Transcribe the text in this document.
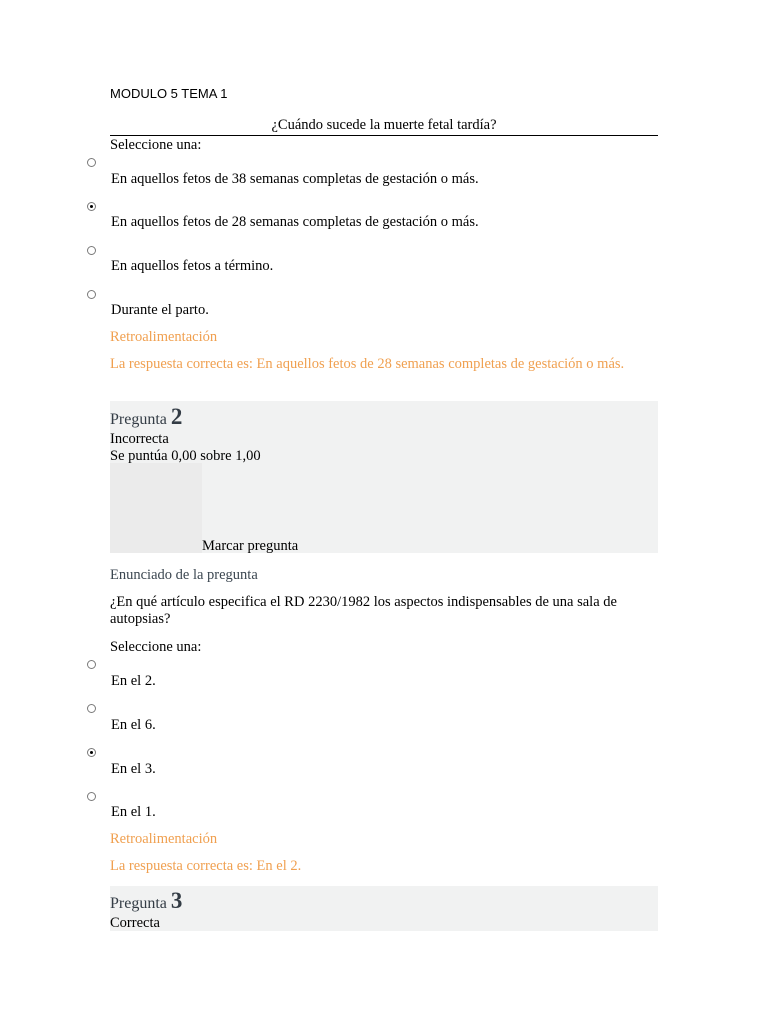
MODULO 5 TEMA 1
¿Cuándo sucede la muerte fetal tardía?
Seleccione una:
En aquellos fetos de 38 semanas completas de gestación o más.
En aquellos fetos de 28 semanas completas de gestación o más.
En aquellos fetos a término.
Durante el parto.
Retroalimentación
La respuesta correcta es: En aquellos fetos de 28 semanas completas de gestación o más.
Pregunta 2
Incorrecta
Se puntúa 0,00 sobre 1,00
Marcar pregunta
Enunciado de la pregunta
¿En qué artículo especifica el RD 2230/1982 los aspectos indispensables de una sala de autopsias?
Seleccione una:
En el 2.
En el 6.
En el 3.
En el 1.
Retroalimentación
La respuesta correcta es: En el 2.
Pregunta 3
Correcta
